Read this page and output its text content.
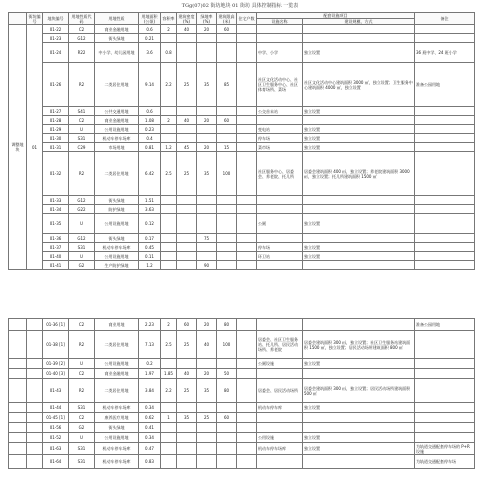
TGg(07)02 街坊地块 01 街坊 具体控制指标 一览表
	街坊编号	地块编号	用地性质代码	用地性质	用地面积(公顷)	容积率	建筑密度(%)	绿地率(%)	建筑限高(米)	住宅户数	配套设施项目		备注
											设施名称	建设规模、方式	
调整地块	01	01-22	C2	商业金融用地	0.6	2	40	20	60				
		01-23	G12	街头绿地	0.21								
		01-24	R22	中小学、幼儿园用地	3.6	0.8					中学、小学	独立设置	36 班中学、24 班小学
		01-26	R2	二类居住用地	9.14	2.2	25	35	85		社区文化活动中心、社区卫生服务中心、社区体育场所、菜场	社区文化活动中心建筑面积 3000 ㎡，独立设置；卫生服务中心建筑面积 4000 ㎡，独立设置	准备公园用地
		01-27	S41	公共交通用地	0.6						公交首末站	独立设置	
		01-28	C2	商业金融用地	1.08	2	40	20	60				
		01-29	U	公用设施用地	0.23						变电站	独立设置	
		01-30	S31	机动车停车场库	0.4						停车场	独立设置	
		01-31	C29	市场用地	0.81	1.2	45	20	15		菜市场	独立设置	
		01-32	R2	二类居住用地	6.42	2.5	25	35	100		社区服务中心、居委会、养老院、托儿所	居委会建筑面积 400 ㎡，独立设置；养老院建筑面积 3000 ㎡，独立设置；托儿所建筑面积 1500 ㎡	
		01-33	G12	街头绿地	1.51								
		01-34	G22	防护绿地	3.63								
		01-35	U	公用设施用地	0.12						公厕	独立设置	
		01-36	G12	街头绿地	0.17			75					
		01-37	S31	机动车停车场库	0.45						停车场	独立设置	
		01-40	U	公用设施用地	0.11						环卫站	独立设置	
		01-41	G2	生产防护绿地	1.2			90					
		01-36 [1]	C2	商业用地	2.23	2	60	20	80				准备公园用地
		01-38 [1]	R2	二类居住用地	7.13	2.5	25	40	100		居委会、社区卫生服务站、托儿所、居民活动场所、养老院	居委会建筑面积 300 ㎡，独立设置；社区卫生服务站建筑面积 1500 ㎡，独立设置；居民活动场所建筑面积 800 ㎡	
		01-39 [2]	U	公用设施用地	0.2						公厕设施	独立设置	
		01-40 [3]	C2	商业金融用地	1.97	1.85	40	20	50				
		01-43	R2	二类居住用地	3.84	2.2	25	35	80		居委会、居民活动场所	居委会建筑面积 300 ㎡，独立设置；居民活动场所建筑面积 500 ㎡	
		01-44	S31	机动车停车场库	0.34						机动车停车库	独立设置	
		01-45 [1]	C2	康养医疗用地	0.62	1	35	25	60				
		01-56	G2	街头绿地	0.41								
		01-52	U	公用设施用地	0.34						公用设施	独立设置	
		01-63	S31	机动车停车场库	0.47						机动车停车场库	独立设置	为轨道交通配套停车场的 P+R 设施
		01-64	S31	机动车停车场库	0.83								为轨道交通配套停车场
